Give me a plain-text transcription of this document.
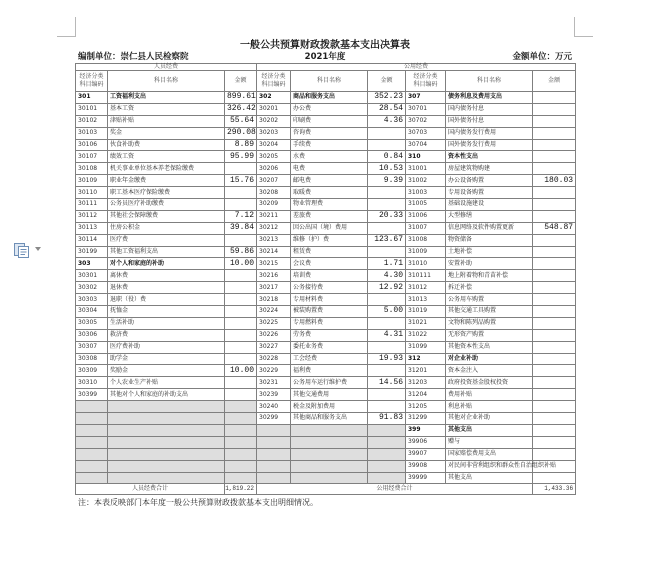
一般公共预算财政拨款基本支出决算表
编制单位：崇仁县人民检察院	2021年度	金额单位：万元
人员经费			公用经费					
经济分类科目编码	科目名称	金额	经济分类科目编码	科目名称	金额	经济分类科目编码	科目名称	金额
301	工资福利支出	899.61	302	商品和服务支出	352.23	307	债务利息及费用支出	
30101	基本工资	326.42	30201	办公费	28.54	30701	国内债务付息	
30102	津贴补贴	55.64	30202	印刷费	4.36	30702	国外债务付息	
30103	奖金	290.08	30203	咨询费		30703	国内债务发行费用	
30106	伙食补助费	8.89	30204	手续费		30704	国外债务发行费用	
30107	绩效工资	95.99	30205	水费	0.84	310	资本性支出	
30108	机关事业单位基本养老保险缴费		30206	电费	10.53	31001	房屋建筑物购建	
30109	职业年金缴费	15.76	30207	邮电费	9.39	31002	办公设备购置	180.03
30110	职工基本医疗保险缴费		30208	取暖费		31003	专用设备购置	
30111	公务员医疗补助缴费		30209	物业管理费		31005	基础设施建设	
30112	其他社会保障缴费	7.12	30211	差旅费	20.33	31006	大型修缮	
30113	住房公积金	39.84	30212	因公出国（境）费用		31007	信息网络及软件购置更新	548.87
30114	医疗费		30213	维修（护）费	123.67	31008	物资储备	
30199	其他工资福利支出	59.86	30214	租赁费		31009	土地补偿	
303	对个人和家庭的补助	10.00	30215	会议费	1.71	31010	安置补助	
30301	离休费		30216	培训费	4.30	310111	地上附着物和青苗补偿	
30302	退休费		30217	公务接待费	12.92	31012	拆迁补偿	
30303	退职（役）费		30218	专用材料费		31013	公务用车购置	
30304	抚恤金		30224	被装购置费	5.00	31019	其他交通工具购置	
30305	生活补助		30225	专用燃料费		31021	文物和陈列品购置	
30306	救济费		30226	劳务费	4.31	31022	无形资产购置	
30307	医疗费补助		30227	委托业务费		31099	其他资本性支出	
30308	助学金		30228	工会经费	19.93	312	对企业补助	
30309	奖励金	10.00	30229	福利费		31201	资本金注入	
30310	个人农业生产补贴		30231	公务用车运行维护费	14.56	31203	政府投资基金股权投资	
30399	其他对个人和家庭的补助支出		30239	其他交通费用		31204	费用补贴	
			30240	税金及附加费用		31205	利息补贴	
			30299	其他商品和服务支出	91.83	31299	其他对企业补助	
						399	其他支出	
						39906	赠与	
						39907	国家赔偿费用支出	
						39908	对民间非营利组织和群众性自治组织补贴	
						39999	其他支出	
人员经费合计		1,819.22	公用经费合计					1,433.36
注：本表反映部门本年度一般公共预算财政拨款基本支出明细情况。
